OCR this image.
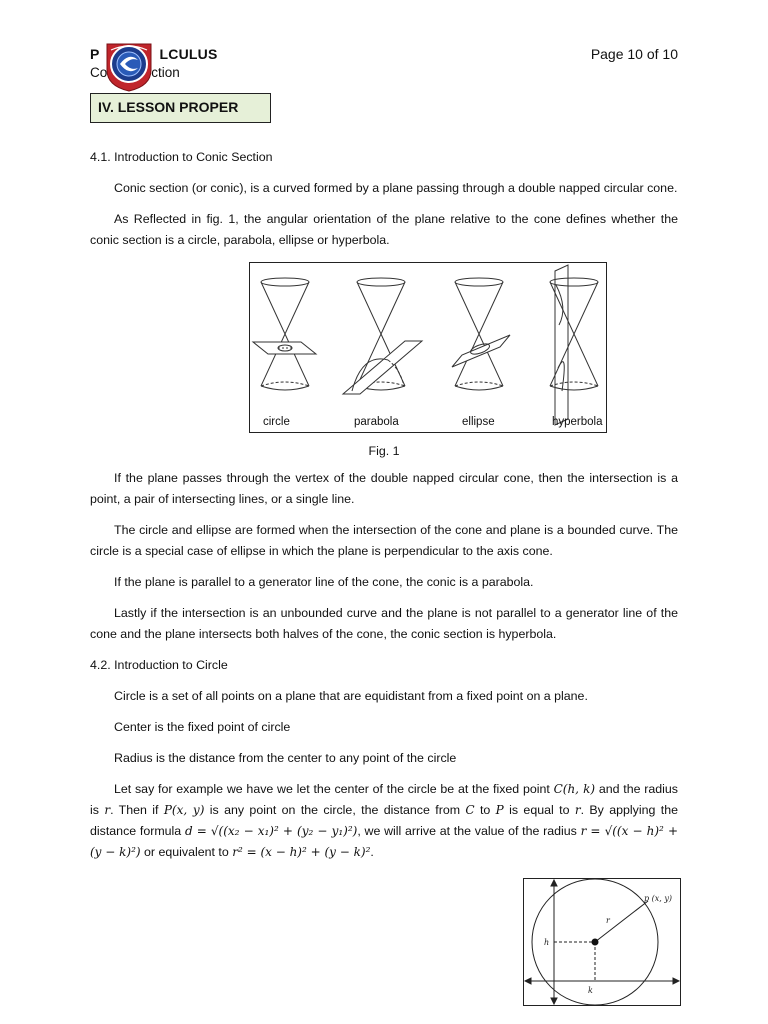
P	LCULUS
Co	ction
Page 10 of 10
IV. LESSON PROPER

4.1. Introduction to Conic Section

Conic section (or conic), is a curved formed by a plane passing through a double napped circular cone.

As Reflected in fig. 1, the angular orientation of the plane relative to the cone defines whether the conic section is a circle, parabola, ellipse or hyperbola.

circle	parabola	ellipse	hyperbola
Fig. 1

If the plane passes through the vertex of the double napped circular cone, then the intersection is a point, a pair of intersecting lines, or a single line.

The circle and ellipse are formed when the intersection of the cone and plane is a bounded curve. The circle is a special case of ellipse in which the plane is perpendicular to the axis cone.

If the plane is parallel to a generator line of the cone, the conic is a parabola.

Lastly if the intersection is an unbounded curve and the plane is not parallel to a generator line of the cone and the plane intersects both halves of the cone, the conic section is hyperbola.

4.2. Introduction to Circle

Circle is a set of all points on a plane that are equidistant from a fixed point on a plane.

Center is the fixed point of circle

Radius is the distance from the center to any point of the circle

Let say for example we have we let the center of the circle be at the fixed point C(h, k) and the radius is r. Then if P(x, y) is any point on the circle, the distance from C to P is equal to r. By applying the distance formula d = √((x₂ − x₁)² + (y₂ − y₁)²), we will arrive at the value of the radius r = √((x − h)² + (y − k)²) or equivalent to r² = (x − h)² + (y − k)².

p (x, y)
r
h
k
